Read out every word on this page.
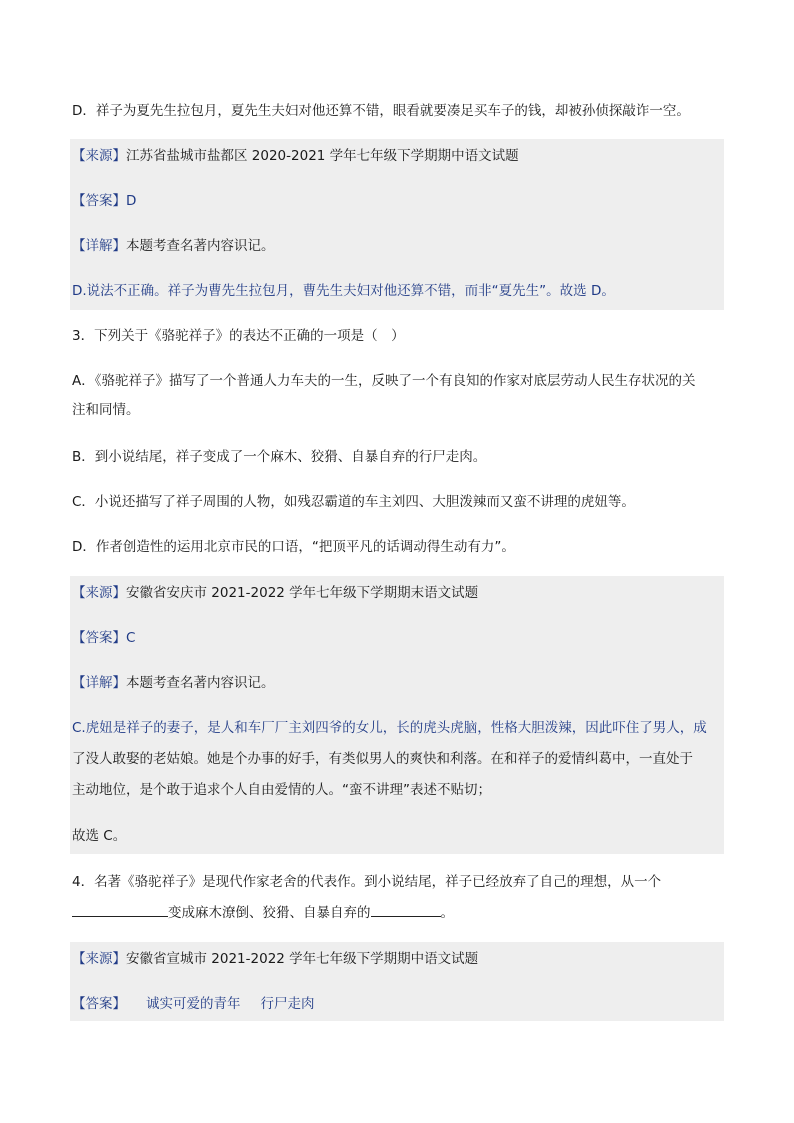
D．祥子为夏先生拉包月，夏先生夫妇对他还算不错，眼看就要凑足买车子的钱，却被孙侦探敲诈一空。

【来源】江苏省盐城市盐都区 2020-2021 学年七年级下学期期中语文试题

【答案】D

【详解】本题考查名著内容识记。

D.说法不正确。祥子为曹先生拉包月，曹先生夫妇对他还算不错，而非“夏先生”。故选 D。

3．下列关于《骆驼祥子》的表达不正确的一项是（　）

A．《骆驼祥子》描写了一个普通人力车夫的一生，反映了一个有良知的作家对底层劳动人民生存状况的关

注和同情。

B．到小说结尾，祥子变成了一个麻木、狡猾、自暴自弃的行尸走肉。

C．小说还描写了祥子周围的人物，如残忍霸道的车主刘四、大胆泼辣而又蛮不讲理的虎妞等。

D．作者创造性的运用北京市民的口语，“把顶平凡的话调动得生动有力”。

【来源】安徽省安庆市 2021-2022 学年七年级下学期期末语文试题

【答案】C

【详解】本题考查名著内容识记。

C.虎妞是祥子的妻子，是人和车厂厂主刘四爷的女儿，长的虎头虎脑，性格大胆泼辣，因此吓住了男人，成

了没人敢娶的老姑娘。她是个办事的好手，有类似男人的爽快和利落。在和祥子的爱情纠葛中，一直处于

主动地位，是个敢于追求个人自由爱情的人。“蛮不讲理”表述不贴切；

故选 C。

4．名著《骆驼祥子》是现代作家老舍的代表作。到小说结尾，祥子已经放弃了自己的理想，从一个

变成麻木潦倒、狡猾、自暴自弃的	。

【来源】安徽省宣城市 2021-2022 学年七年级下学期期中语文试题

【答案】 诚实可爱的青年 行尸走肉
